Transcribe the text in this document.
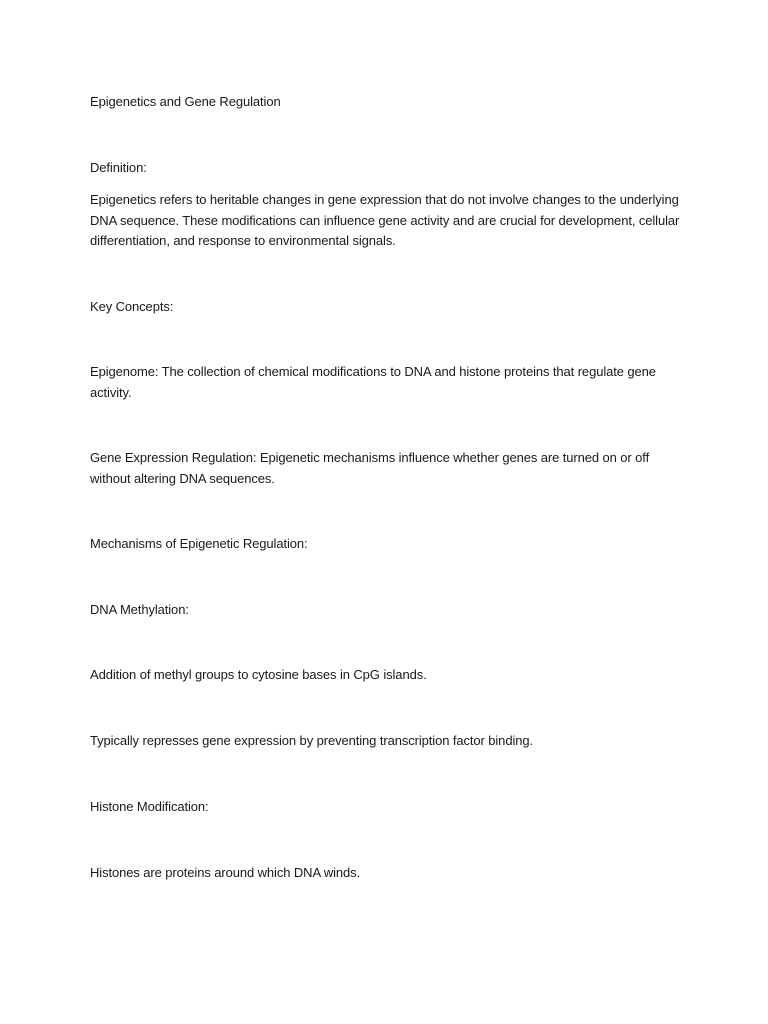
Epigenetics and Gene Regulation

Definition:

Epigenetics refers to heritable changes in gene expression that do not involve changes to the underlying DNA sequence. These modifications can influence gene activity and are crucial for development, cellular differentiation, and response to environmental signals.

Key Concepts:

Epigenome: The collection of chemical modifications to DNA and histone proteins that regulate gene activity.

Gene Expression Regulation: Epigenetic mechanisms influence whether genes are turned on or off without altering DNA sequences.

Mechanisms of Epigenetic Regulation:

DNA Methylation:

Addition of methyl groups to cytosine bases in CpG islands.

Typically represses gene expression by preventing transcription factor binding.

Histone Modification:

Histones are proteins around which DNA winds.
